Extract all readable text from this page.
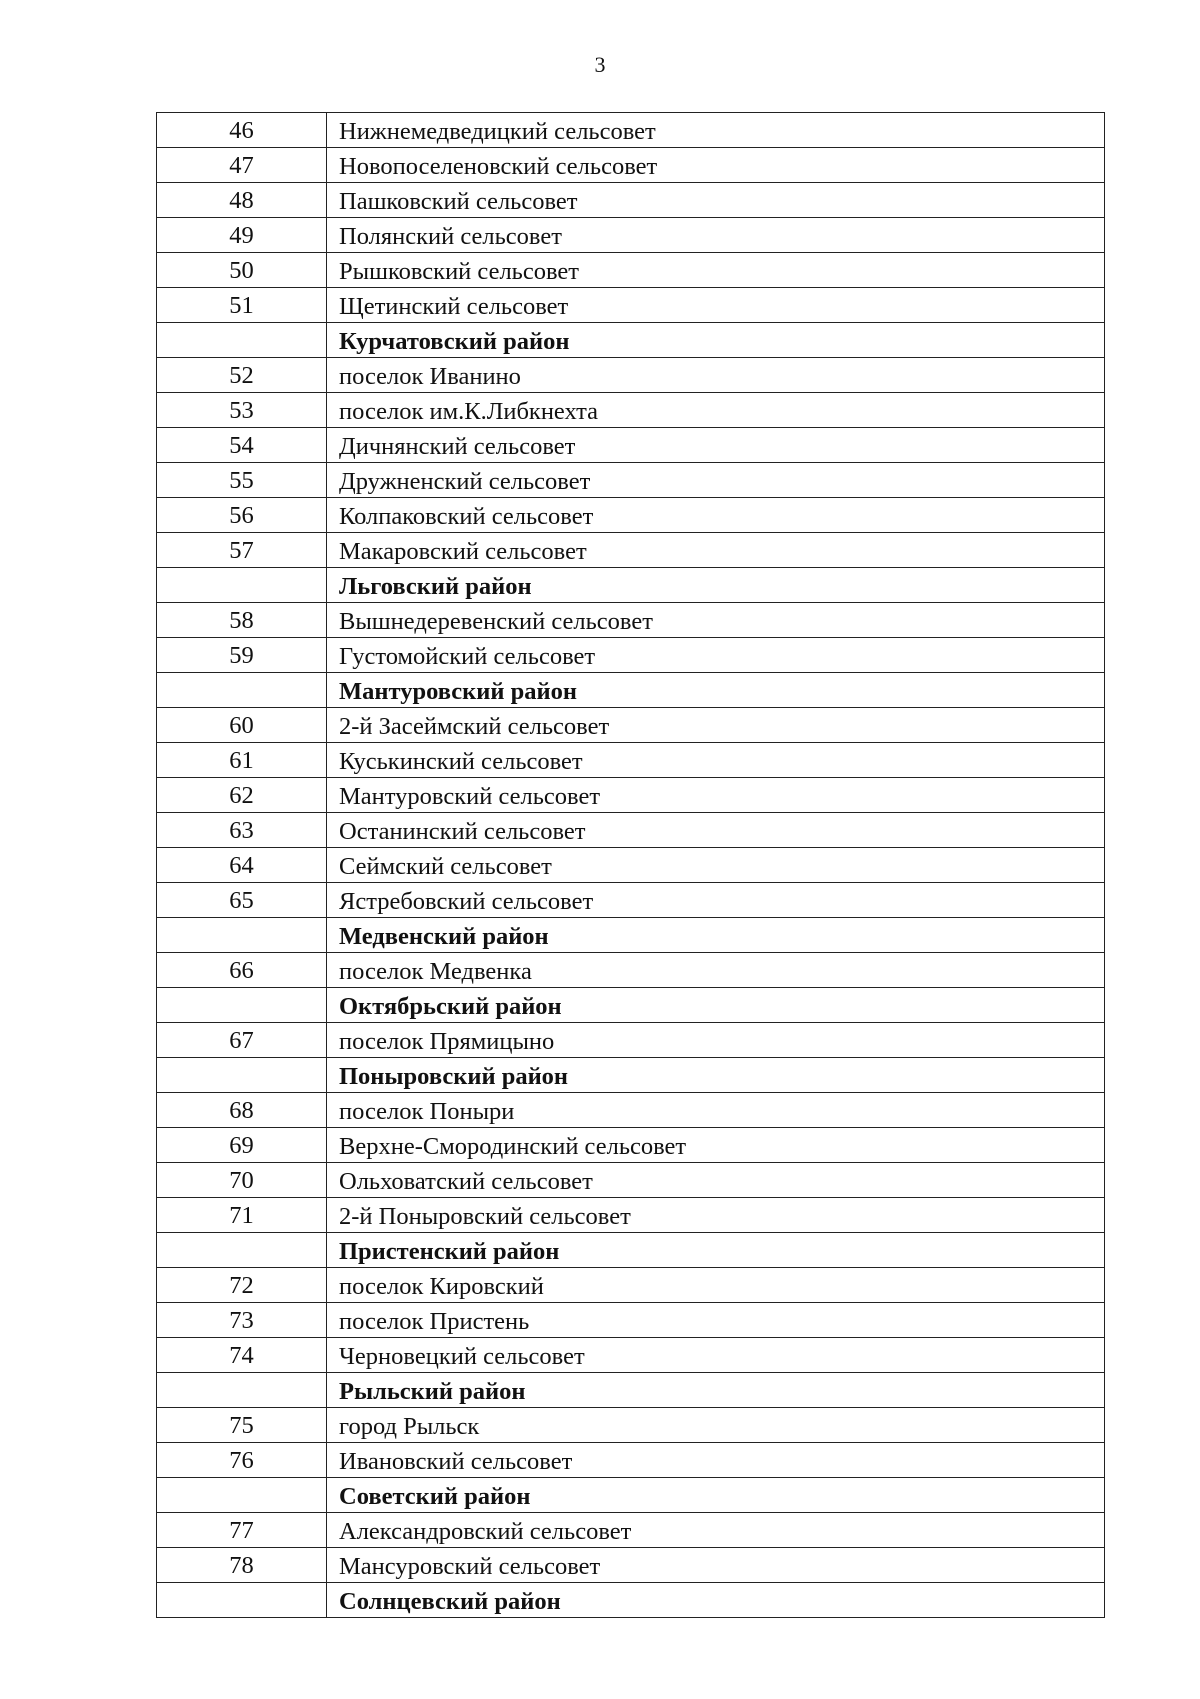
3
46	Нижнемедведицкий сельсовет
47	Новопоселеновский сельсовет
48	Пашковский сельсовет
49	Полянский сельсовет
50	Рышковский сельсовет
51	Щетинский сельсовет
	Курчатовский район
52	поселок Иванино
53	поселок им.К.Либкнехта
54	Дичнянский сельсовет
55	Дружненский сельсовет
56	Колпаковский сельсовет
57	Макаровский сельсовет
	Льговский район
58	Вышнедеревенский сельсовет
59	Густомойский сельсовет
	Мантуровский район
60	2-й Засеймский сельсовет
61	Куськинский сельсовет
62	Мантуровский сельсовет
63	Останинский сельсовет
64	Сеймский сельсовет
65	Ястребовский сельсовет
	Медвенский район
66	поселок Медвенка
	Октябрьский район
67	поселок Прямицыно
	Поныровский район
68	поселок Поныри
69	Верхне-Смородинский сельсовет
70	Ольховатский сельсовет
71	2-й Поныровский сельсовет
	Пристенский район
72	поселок Кировский
73	поселок Пристень
74	Черновецкий сельсовет
	Рыльский район
75	город Рыльск
76	Ивановский сельсовет
	Советский район
77	Александровский сельсовет
78	Мансуровский сельсовет
	Солнцевский район
